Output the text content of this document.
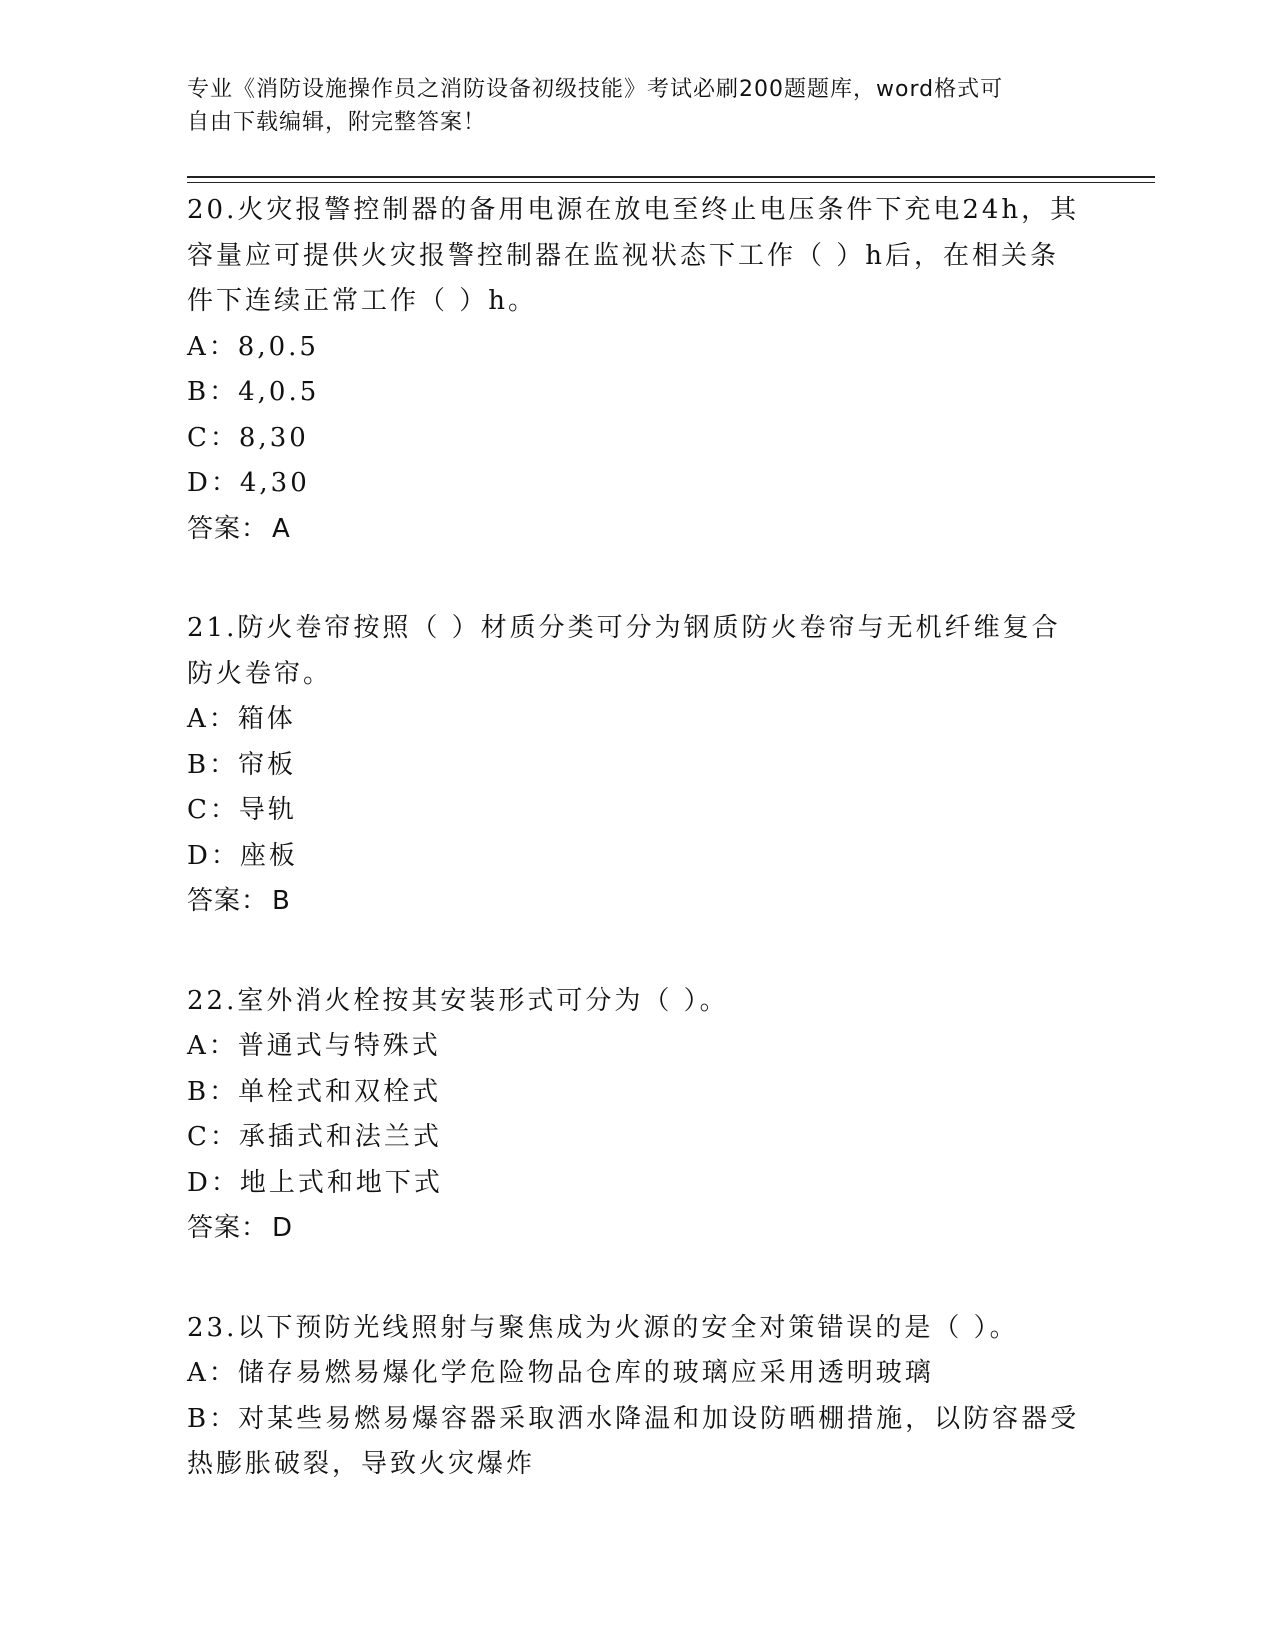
专业《消防设施操作员之消防设备初级技能》考试必刷200题题库，word格式可
自由下载编辑，附完整答案！

20.火灾报警控制器的备用电源在放电至终止电压条件下充电24h，其容量应可提供火灾报警控制器在监视状态下工作（ ）h后，在相关条件下连续正常工作（ ）h。

A：8,0.5

B：4,0.5

C：8,30

D：4,30

答案： A

21.防火卷帘按照（ ）材质分类可分为钢质防火卷帘与无机纤维复合防火卷帘。

A：箱体

B：帘板

C：导轨

D：座板

答案： B

22.室外消火栓按其安装形式可分为（ ）。

A：普通式与特殊式

B：单栓式和双栓式

C：承插式和法兰式

D：地上式和地下式

答案： D

23.以下预防光线照射与聚焦成为火源的安全对策错误的是（ ）。

A：储存易燃易爆化学危险物品仓库的玻璃应采用透明玻璃

B：对某些易燃易爆容器采取洒水降温和加设防晒棚措施，以防容器受热膨胀破裂，导致火灾爆炸
